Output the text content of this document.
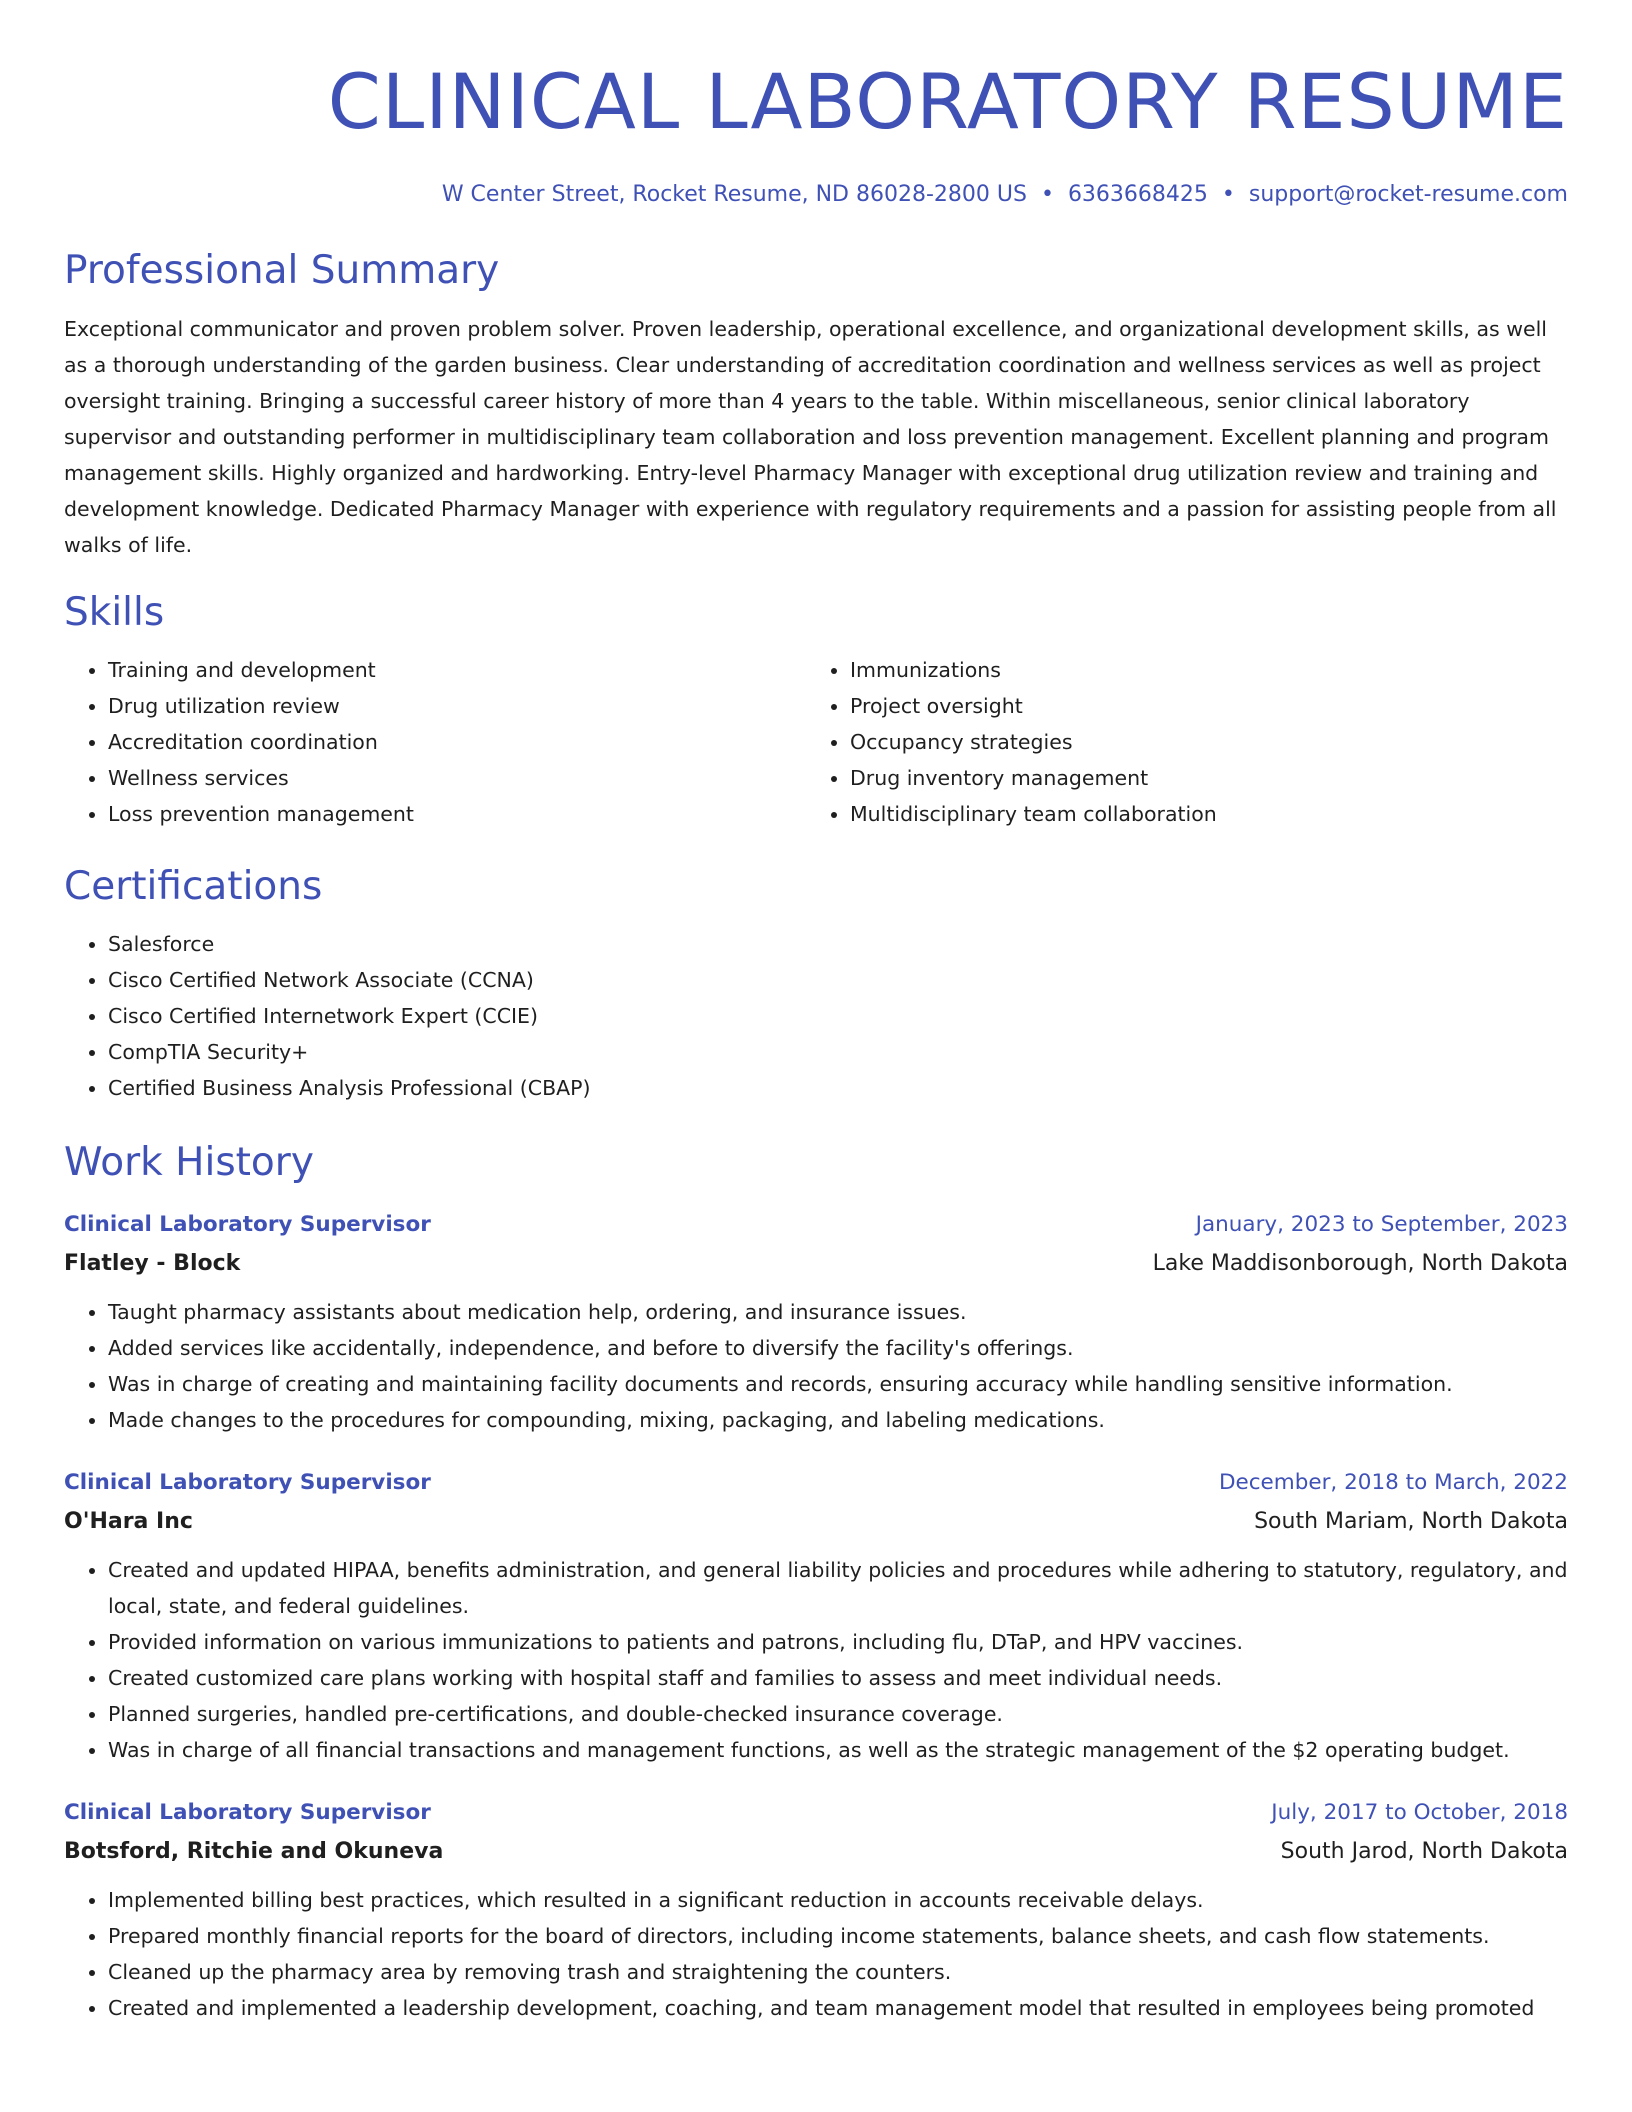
CLINICAL LABORATORY RESUME
W Center Street, Rocket Resume, ND 86028-2800 US • 6363668425 • support@rocket-resume.com
Professional Summary
Exceptional communicator and proven problem solver. Proven leadership, operational excellence, and organizational development skills, as well as a thorough understanding of the garden business. Clear understanding of accreditation coordination and wellness services as well as project oversight training. Bringing a successful career history of more than 4 years to the table. Within miscellaneous, senior clinical laboratory supervisor and outstanding performer in multidisciplinary team collaboration and loss prevention management. Excellent planning and program management skills. Highly organized and hardworking. Entry-level Pharmacy Manager with exceptional drug utilization review and training and development knowledge. Dedicated Pharmacy Manager with experience with regulatory requirements and a passion for assisting people from all walks of life.
Skills
• Training and development
• Drug utilization review
• Accreditation coordination
• Wellness services
• Loss prevention management
• Immunizations
• Project oversight
• Occupancy strategies
• Drug inventory management
• Multidisciplinary team collaboration
Certifications
• Salesforce
• Cisco Certified Network Associate (CCNA)
• Cisco Certified Internetwork Expert (CCIE)
• CompTIA Security+
• Certified Business Analysis Professional (CBAP)
Work History
Clinical Laboratory Supervisor	January, 2023 to September, 2023
Flatley - Block	Lake Maddisonborough, North Dakota
• Taught pharmacy assistants about medication help, ordering, and insurance issues.
• Added services like accidentally, independence, and before to diversify the facility's offerings.
• Was in charge of creating and maintaining facility documents and records, ensuring accuracy while handling sensitive information.
• Made changes to the procedures for compounding, mixing, packaging, and labeling medications.
Clinical Laboratory Supervisor	December, 2018 to March, 2022
O'Hara Inc	South Mariam, North Dakota
• Created and updated HIPAA, benefits administration, and general liability policies and procedures while adhering to statutory, regulatory, and local, state, and federal guidelines.
• Provided information on various immunizations to patients and patrons, including flu, DTaP, and HPV vaccines.
• Created customized care plans working with hospital staff and families to assess and meet individual needs.
• Planned surgeries, handled pre-certifications, and double-checked insurance coverage.
• Was in charge of all financial transactions and management functions, as well as the strategic management of the $2 operating budget.
Clinical Laboratory Supervisor	July, 2017 to October, 2018
Botsford, Ritchie and Okuneva	South Jarod, North Dakota
• Implemented billing best practices, which resulted in a significant reduction in accounts receivable delays.
• Prepared monthly financial reports for the board of directors, including income statements, balance sheets, and cash flow statements.
• Cleaned up the pharmacy area by removing trash and straightening the counters.
• Created and implemented a leadership development, coaching, and team management model that resulted in employees being promoted
